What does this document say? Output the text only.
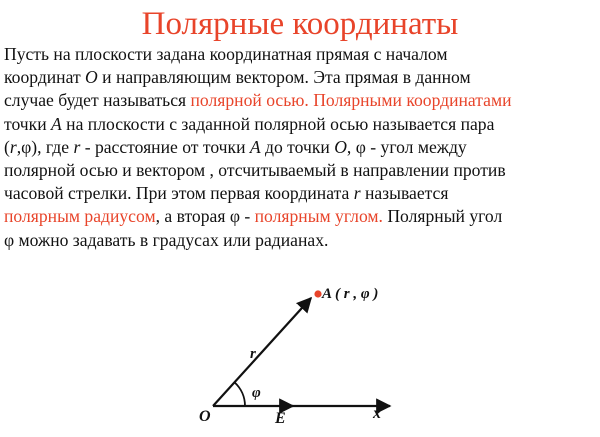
Полярные координаты
Пусть на плоскости задана координатная прямая с началом
координат O и направляющим вектором. Эта прямая в данном
случае будет называться полярной осью. Полярными координатами
точки A на плоскости с заданной полярной осью называется пара
(r,φ), где r - расстояние от точки A до точки O, φ - угол между
полярной осью и вектором , отсчитываемый в направлении против
часовой стрелки. При этом первая координата r называется
полярным радиусом, а вторая φ - полярным углом. Полярный угол
φ можно задавать в градусах или радианах.
O	E	x
r
φ
A ( r , φ )
